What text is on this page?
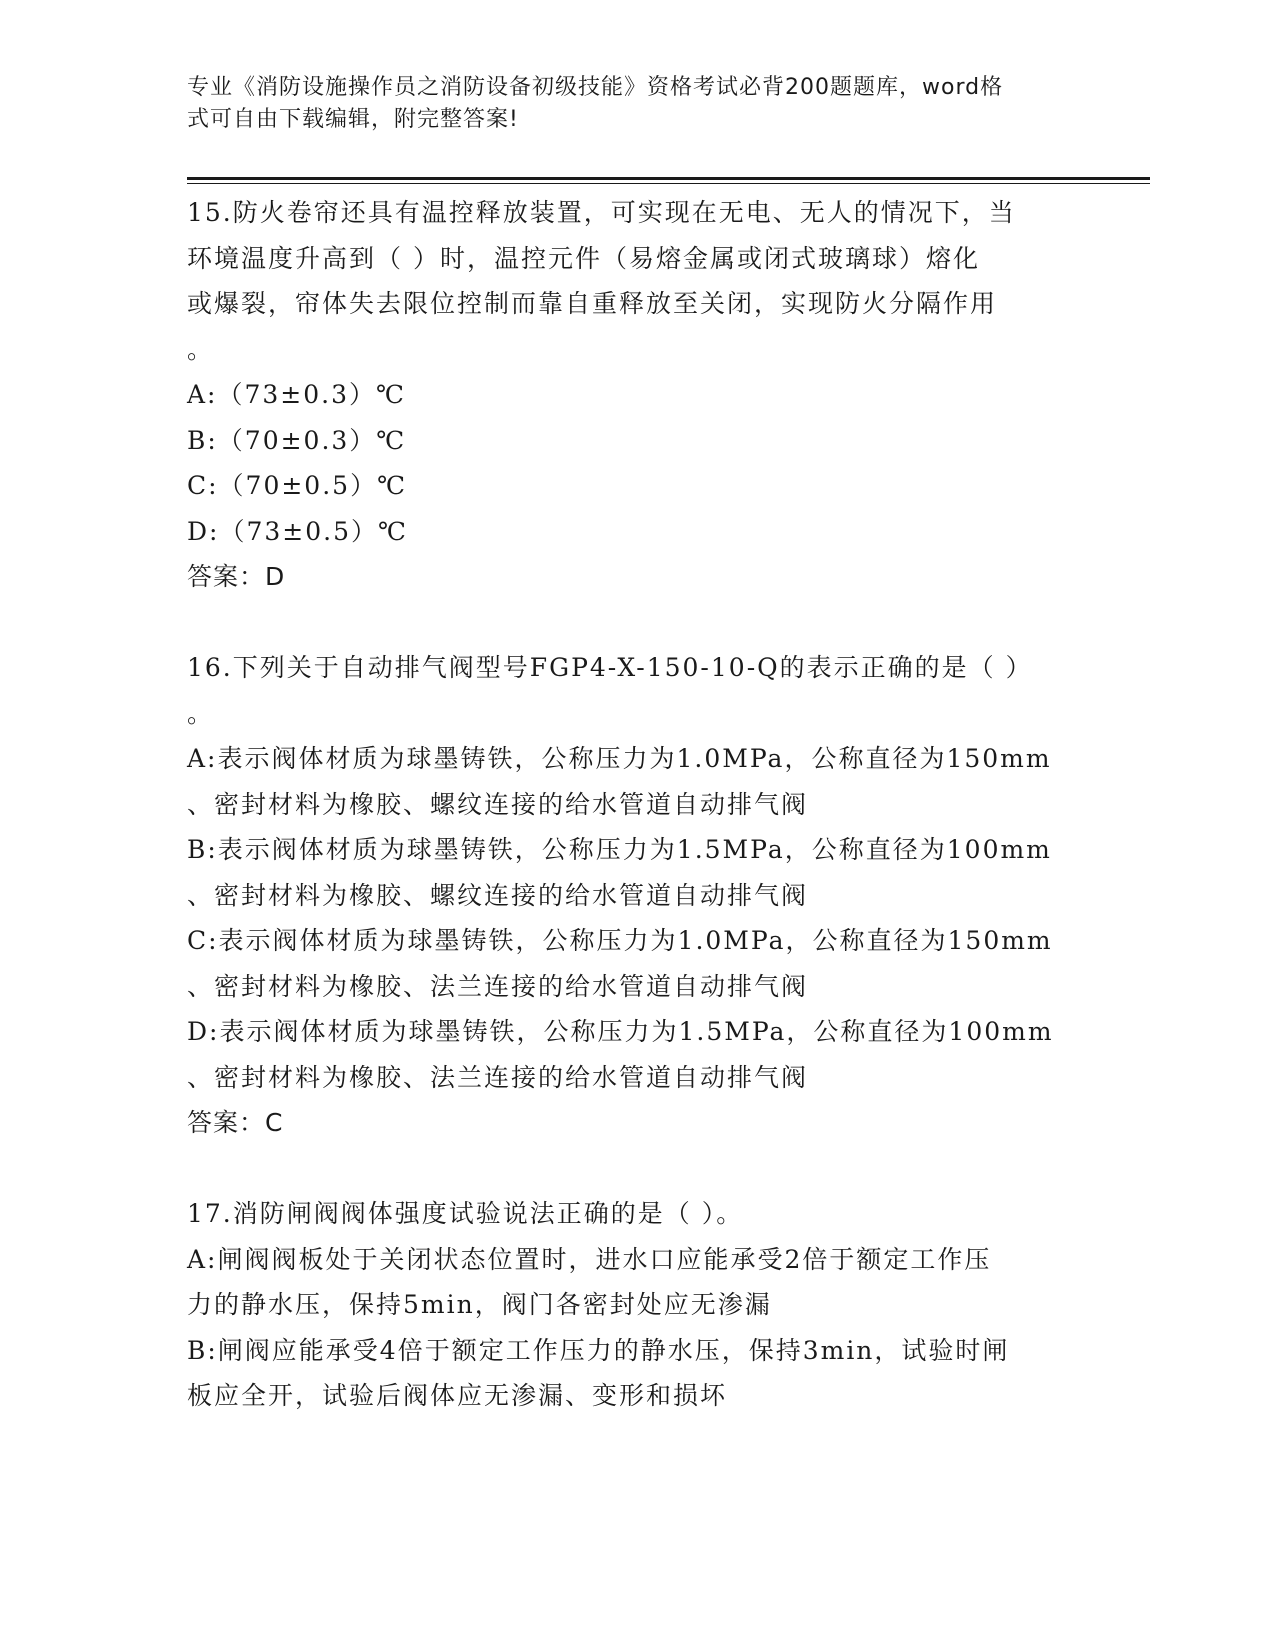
专业《消防设施操作员之消防设备初级技能》资格考试必背200题题库，word格
式可自由下载编辑，附完整答案!
15.防火卷帘还具有温控释放装置，可实现在无电、无人的情况下，当
环境温度升高到（ ）时，温控元件（易熔金属或闭式玻璃球）熔化
或爆裂，帘体失去限位控制而靠自重释放至关闭，实现防火分隔作用
。
A:（73±0.3）℃
B:（70±0.3）℃
C:（70±0.5）℃
D:（73±0.5）℃
答案：D
16.下列关于自动排气阀型号FGP4-X-150-10-Q的表示正确的是（ ）
。
A:表示阀体材质为球墨铸铁，公称压力为1.0MPa，公称直径为150mm
、密封材料为橡胶、螺纹连接的给水管道自动排气阀
B:表示阀体材质为球墨铸铁，公称压力为1.5MPa，公称直径为100mm
、密封材料为橡胶、螺纹连接的给水管道自动排气阀
C:表示阀体材质为球墨铸铁，公称压力为1.0MPa，公称直径为150mm
、密封材料为橡胶、法兰连接的给水管道自动排气阀
D:表示阀体材质为球墨铸铁，公称压力为1.5MPa，公称直径为100mm
、密封材料为橡胶、法兰连接的给水管道自动排气阀
答案：C
17.消防闸阀阀体强度试验说法正确的是（ ）。
A:闸阀阀板处于关闭状态位置时，进水口应能承受2倍于额定工作压
力的静水压，保持5min，阀门各密封处应无渗漏
B:闸阀应能承受4倍于额定工作压力的静水压，保持3min，试验时闸
板应全开，试验后阀体应无渗漏、变形和损坏
